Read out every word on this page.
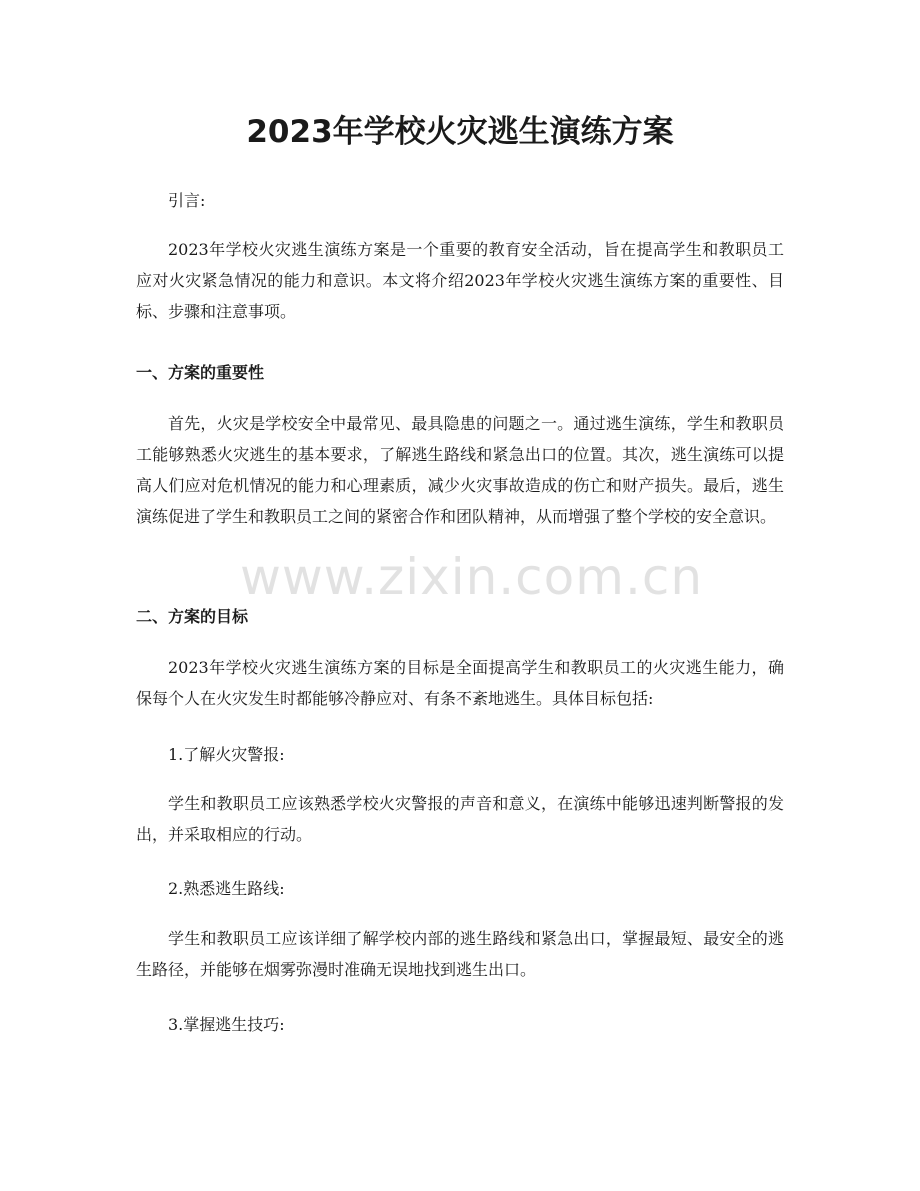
2023年学校火灾逃生演练方案

引言:

2023年学校火灾逃生演练方案是一个重要的教育安全活动，旨在提高学生和教职员工应对火灾紧急情况的能力和意识。本文将介绍2023年学校火灾逃生演练方案的重要性、目标、步骤和注意事项。

一、方案的重要性

首先，火灾是学校安全中最常见、最具隐患的问题之一。通过逃生演练，学生和教职员工能够熟悉火灾逃生的基本要求，了解逃生路线和紧急出口的位置。其次，逃生演练可以提高人们应对危机情况的能力和心理素质，减少火灾事故造成的伤亡和财产损失。最后，逃生演练促进了学生和教职员工之间的紧密合作和团队精神，从而增强了整个学校的安全意识。

二、方案的目标

2023年学校火灾逃生演练方案的目标是全面提高学生和教职员工的火灾逃生能力，确保每个人在火灾发生时都能够冷静应对、有条不紊地逃生。具体目标包括:

1.了解火灾警报:

学生和教职员工应该熟悉学校火灾警报的声音和意义，在演练中能够迅速判断警报的发出，并采取相应的行动。

2.熟悉逃生路线:

学生和教职员工应该详细了解学校内部的逃生路线和紧急出口，掌握最短、最安全的逃生路径，并能够在烟雾弥漫时准确无误地找到逃生出口。

3.掌握逃生技巧:

www.zixin.com.cn
